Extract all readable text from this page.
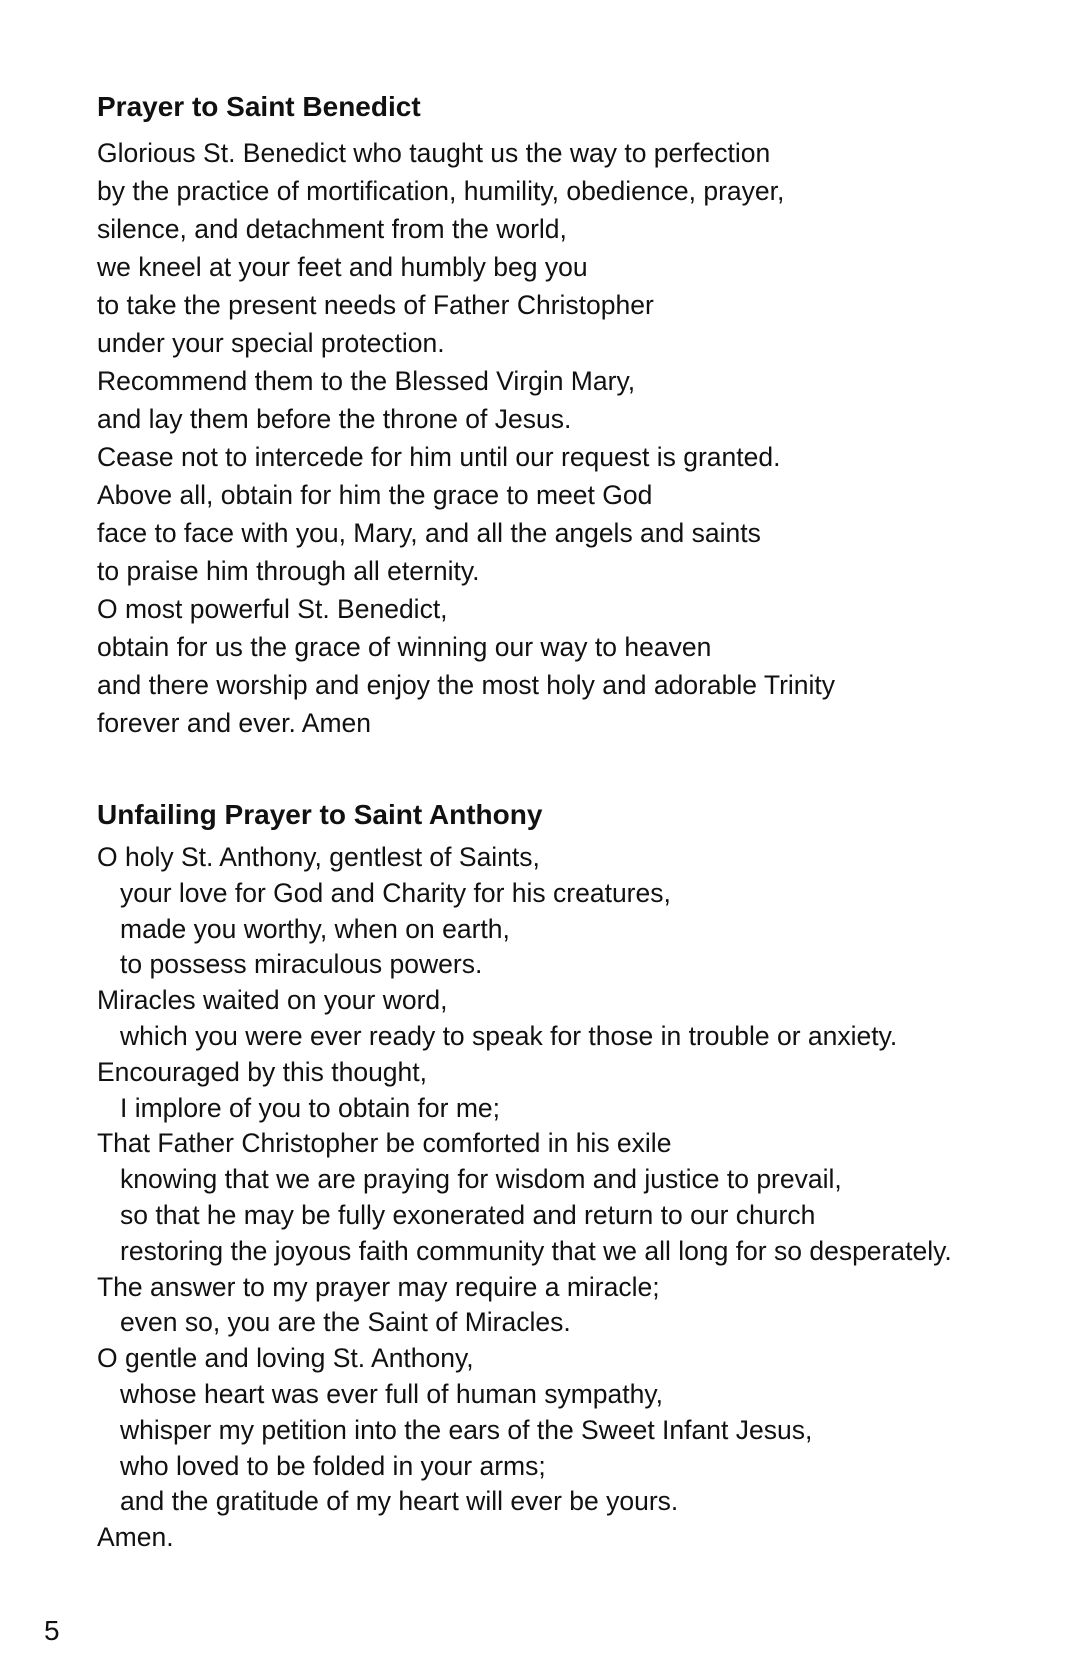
Prayer to Saint Benedict
Glorious St. Benedict who taught us the way to perfection
by the practice of mortification, humility, obedience, prayer,
silence, and detachment from the world,
we kneel at your feet and humbly beg you
to take the present needs of Father Christopher
under your special protection.
Recommend them to the Blessed Virgin Mary,
and lay them before the throne of Jesus.
Cease not to intercede for him until our request is granted.
Above all, obtain for him the grace to meet God
face to face with you, Mary, and all the angels and saints
to praise him through all eternity.
O most powerful St. Benedict,
obtain for us the grace of winning our way to heaven
and there worship and enjoy the most holy and adorable Trinity
forever and ever. Amen
Unfailing Prayer to Saint Anthony
O holy St. Anthony, gentlest of Saints,
your love for God and Charity for his creatures,
made you worthy, when on earth,
to possess miraculous powers.
Miracles waited on your word,
which you were ever ready to speak for those in trouble or anxiety.
Encouraged by this thought,
I implore of you to obtain for me;
That Father Christopher be comforted in his exile
knowing that we are praying for wisdom and justice to prevail,
so that he may be fully exonerated and return to our church
restoring the joyous faith community that we all long for so desperately.
The answer to my prayer may require a miracle;
even so, you are the Saint of Miracles.
O gentle and loving St. Anthony,
whose heart was ever full of human sympathy,
whisper my petition into the ears of the Sweet Infant Jesus,
who loved to be folded in your arms;
and the gratitude of my heart will ever be yours.
Amen.
5
